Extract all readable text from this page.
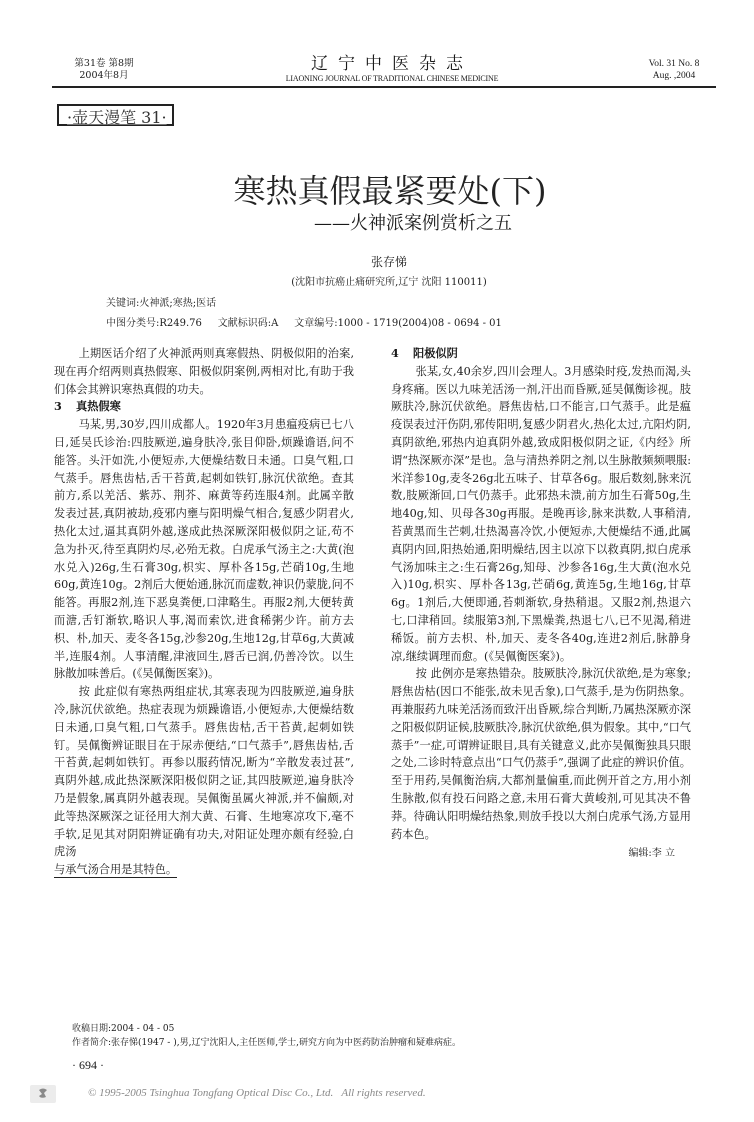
第31卷 第8期
2004年8月
辽宁中医杂志
LIAONING JOURNAL OF TRADITIONAL CHINESE MEDICINE
Vol. 31 No. 8
Aug. ,2004
·壶天漫笔 31·
寒热真假最紧要处(下)
——火神派案例赏析之五
张存悌
(沈阳市抗癌止痛研究所,辽宁 沈阳 110011)
关键词:火神派;寒热;医话
中图分类号:R249.76     文献标识码:A     文章编号:1000 - 1719(2004)08 - 0694 - 01

上期医话介绍了火神派两则真寒假热、阴极似阳的治案,现在再介绍两则真热假寒、阳极似阴案例,两相对比,有助于我们体会其辨识寒热真假的功夫。

3 真热假寒

马某,男,30岁,四川成都人。1920年3月患瘟疫病已七八日,延吴氏诊治:四肢厥逆,遍身肤冷,张目仰卧,烦躁谵语,问不能答。头汗如洗,小便短赤,大便燥结数日未通。口臭气粗,口气蒸手。唇焦齿枯,舌干苔黄,起刺如铁钉,脉沉伏欲绝。查其前方,系以羌活、紫苏、荆芥、麻黄等药连服4剂。此属辛散发表过甚,真阴被劫,疫邪内壅与阳明燥气相合,复感少阴君火,热化太过,逼其真阴外越,遂成此热深厥深阳极似阴之证,苟不急为扑灭,待至真阴灼尽,必殆无救。白虎承气汤主之:大黄(泡水兑入)26g,生石膏30g,枳实、厚朴各15g,芒硝10g,生地60g,黄连10g。2剂后大便始通,脉沉而虚数,神识仍蒙胧,问不能答。再服2剂,连下恶臭粪便,口津略生。再服2剂,大便转黄而溏,舌钉渐软,略识人事,渴而索饮,进食稀粥少许。前方去枳、朴,加天、麦冬各15g,沙参20g,生地12g,甘草6g,大黄减半,连服4剂。人事清醒,津液回生,唇舌已润,仍善冷饮。以生脉散加味善后。(《吴佩衡医案》)。

按 此症似有寒热两组症状,其寒表现为四肢厥逆,遍身肤冷,脉沉伏欲绝。热症表现为烦躁谵语,小便短赤,大便燥结数日未通,口臭气粗,口气蒸手。唇焦齿枯,舌干苔黄,起刺如铁钉。吴佩衡辨证眼目在于尿赤便结,“口气蒸手”,唇焦齿枯,舌干苔黄,起刺如铁钉。再参以服药情况,断为“辛散发表过甚”,真阴外越,成此热深厥深阳极似阴之证,其四肢厥逆,遍身肤冷乃是假象,属真阴外越表现。吴佩衡虽属火神派,并不偏颇,对此等热深厥深之证径用大剂大黄、石膏、生地寒凉攻下,毫不手软,足见其对阴阳辨证确有功夫,对阳证处理亦颇有经验,白虎汤

与承气汤合用是其特色。

4 阳极似阴

张某,女,40余岁,四川会理人。3月感染时疫,发热而渴,头身疼痛。医以九味羌活汤一剂,汗出而昏厥,延吴佩衡诊视。肢厥肤冷,脉沉伏欲绝。唇焦齿枯,口不能言,口气蒸手。此是瘟疫误表过汗伤阴,邪传阳明,复感少阴君火,热化太过,亢阳灼阴,真阴欲绝,邪热内迫真阴外越,致成阳极似阴之证,《内经》所谓“热深厥亦深”是也。急与清热养阴之剂,以生脉散频频喂服:米洋参10g,麦冬26g北五味子、甘草各6g。服后数刻,脉来沉数,肢厥渐回,口气仍蒸手。此邪热未溃,前方加生石膏50g,生地40g,知、贝母各30g再服。是晚再诊,脉来洪数,人事稍清,苔黄黑而生芒刺,壮热渴喜冷饮,小便短赤,大便燥结不通,此属真阴内回,阳热始通,阳明燥结,因主以凉下以救真阴,拟白虎承气汤加味主之:生石膏26g,知母、沙参各16g,生大黄(泡水兑入)10g,枳实、厚朴各13g,芒硝6g,黄连5g,生地16g,甘草6g。1剂后,大便即通,苔刺渐软,身热稍退。又服2剂,热退六七,口津稍回。续服第3剂,下黑燥粪,热退七八,已不见渴,稍进稀饭。前方去枳、朴,加天、麦冬各40g,连进2剂后,脉静身凉,继续调理而愈。(《吴佩衡医案》)。

按 此例亦是寒热错杂。肢厥肤冷,脉沉伏欲绝,是为寒象;唇焦齿枯(因口不能张,故未见舌象),口气蒸手,是为伤阴热象。再兼服药九味羌活汤而致汗出昏厥,综合判断,乃属热深厥亦深之阳极似阴证候,肢厥肤冷,脉沉伏欲绝,俱为假象。其中,“口气蒸手”一症,可谓辨证眼目,具有关键意义,此亦吴佩衡独具只眼之处,二诊时特意点出“口气仍蒸手”,强调了此症的辨识价值。至于用药,吴佩衡治病,大都剂量偏重,而此例开首之方,用小剂生脉散,似有投石问路之意,未用石膏大黄峻剂,可见其决不鲁莽。待确认阳明燥结热象,则放手投以大剂白虎承气汤,方显用药本色。

编辑:李 立
收稿日期:2004 - 04 - 05
作者简介:张存悌(1947 - ),男,辽宁沈阳人,主任医师,学士,研究方向为中医药防治肿瘤和疑难病症。
· 694 ·
© 1995-2005 Tsinghua Tongfang Optical Disc Co., Ltd.   All rights reserved.
